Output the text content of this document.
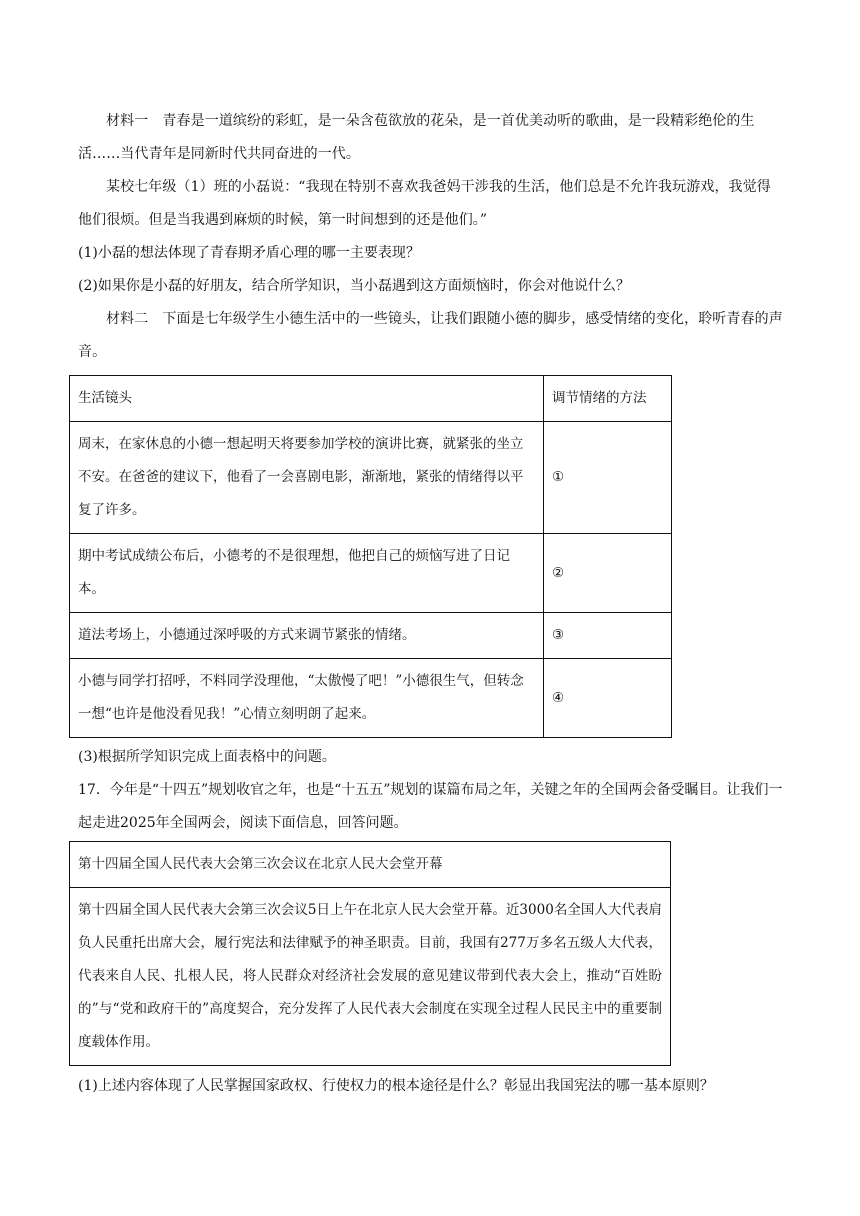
材料一　青春是一道缤纷的彩虹，是一朵含苞欲放的花朵，是一首优美动听的歌曲，是一段精彩绝伦的生活……当代青年是同新时代共同奋进的一代。

某校七年级（1）班的小磊说：“我现在特别不喜欢我爸妈干涉我的生活，他们总是不允许我玩游戏，我觉得他们很烦。但是当我遇到麻烦的时候，第一时间想到的还是他们。”

(1)小磊的想法体现了青春期矛盾心理的哪一主要表现？

(2)如果你是小磊的好朋友，结合所学知识，当小磊遇到这方面烦恼时，你会对他说什么？

材料二　下面是七年级学生小德生活中的一些镜头，让我们跟随小德的脚步，感受情绪的变化，聆听青春的声音。

生活镜头	调节情绪的方法
周末，在家休息的小德一想起明天将要参加学校的演讲比赛，就紧张的坐立不安。在爸爸的建议下，他看了一会喜剧电影，渐渐地，紧张的情绪得以平复了许多。	①
期中考试成绩公布后，小德考的不是很理想，他把自己的烦恼写进了日记本。	②
道法考场上，小德通过深呼吸的方式来调节紧张的情绪。	③
小德与同学打招呼，不料同学没理他，“太傲慢了吧！”小德很生气，但转念一想“也许是他没看见我！”心情立刻明朗了起来。	④

(3)根据所学知识完成上面表格中的问题。

17．今年是“十四五”规划收官之年，也是“十五五”规划的谋篇布局之年，关键之年的全国两会备受瞩目。让我们一起走进2025年全国两会，阅读下面信息，回答问题。

第十四届全国人民代表大会第三次会议在北京人民大会堂开幕
第十四届全国人民代表大会第三次会议5日上午在北京人民大会堂开幕。近3000名全国人大代表肩负人民重托出席大会，履行宪法和法律赋予的神圣职责。目前，我国有277万多名五级人大代表，代表来自人民、扎根人民，将人民群众对经济社会发展的意见建议带到代表大会上，推动“百姓盼的”与“党和政府干的”高度契合，充分发挥了人民代表大会制度在实现全过程人民民主中的重要制度载体作用。

(1)上述内容体现了人民掌握国家政权、行使权力的根本途径是什么？彰显出我国宪法的哪一基本原则？
